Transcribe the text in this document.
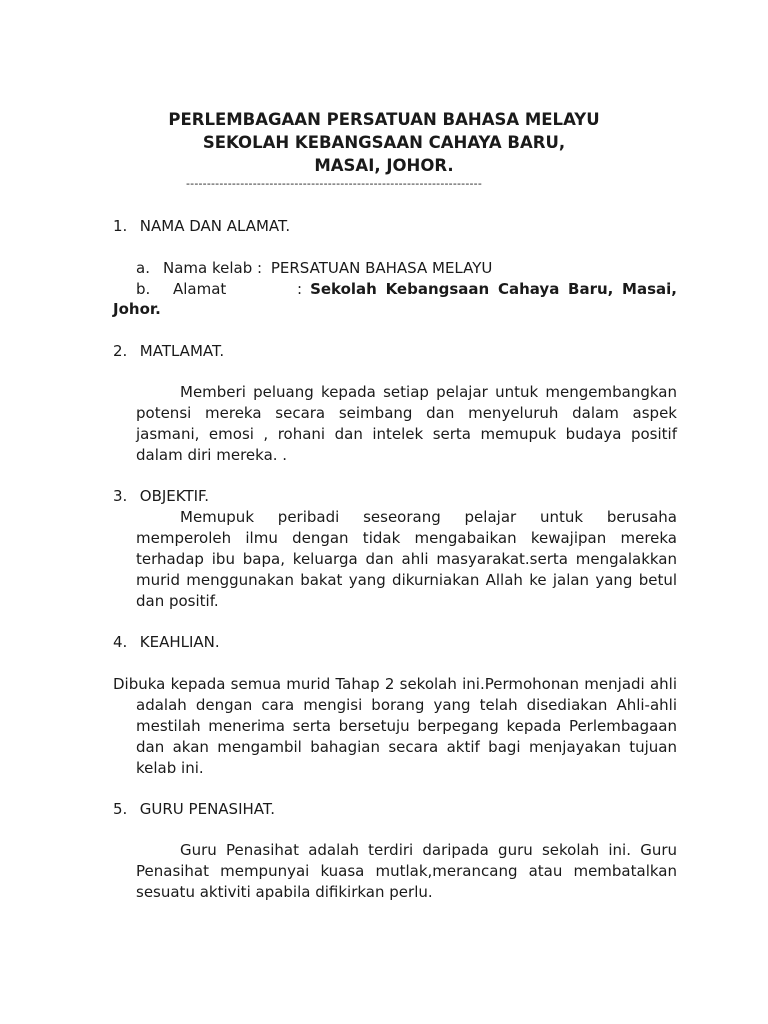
PERLEMBAGAAN PERSATUAN BAHASA MELAYU
SEKOLAH KEBANGSAAN CAHAYA BARU,
MASAI, JOHOR.
-----------------------------------------------------------------------
1. NAMA DAN ALAMAT.
a. Nama kelab : PERSATUAN BAHASA MELAYU
b. Alamat	: Sekolah Kebangsaan Cahaya Baru, Masai,
Johor.
2. MATLAMAT.
Memberi peluang kepada setiap pelajar untuk mengembangkan potensi mereka secara seimbang dan menyeluruh dalam aspek jasmani, emosi , rohani dan intelek serta memupuk budaya positif dalam diri mereka. .
3. OBJEKTIF.
Memupuk peribadi seseorang pelajar untuk berusaha memperoleh ilmu dengan tidak mengabaikan kewajipan mereka terhadap ibu bapa, keluarga dan ahli masyarakat.serta mengalakkan murid menggunakan bakat yang dikurniakan Allah ke jalan yang betul dan positif.
4. KEAHLIAN.
Dibuka kepada semua murid Tahap 2 sekolah ini.Permohonan menjadi ahli adalah dengan cara mengisi borang yang telah disediakan Ahli-ahli mestilah menerima serta bersetuju berpegang kepada Perlembagaan dan akan mengambil bahagian secara aktif bagi menjayakan tujuan kelab ini.
5. GURU PENASIHAT.
Guru Penasihat adalah terdiri daripada guru sekolah ini. Guru Penasihat mempunyai kuasa mutlak,merancang atau membatalkan sesuatu aktiviti apabila difikirkan perlu.
